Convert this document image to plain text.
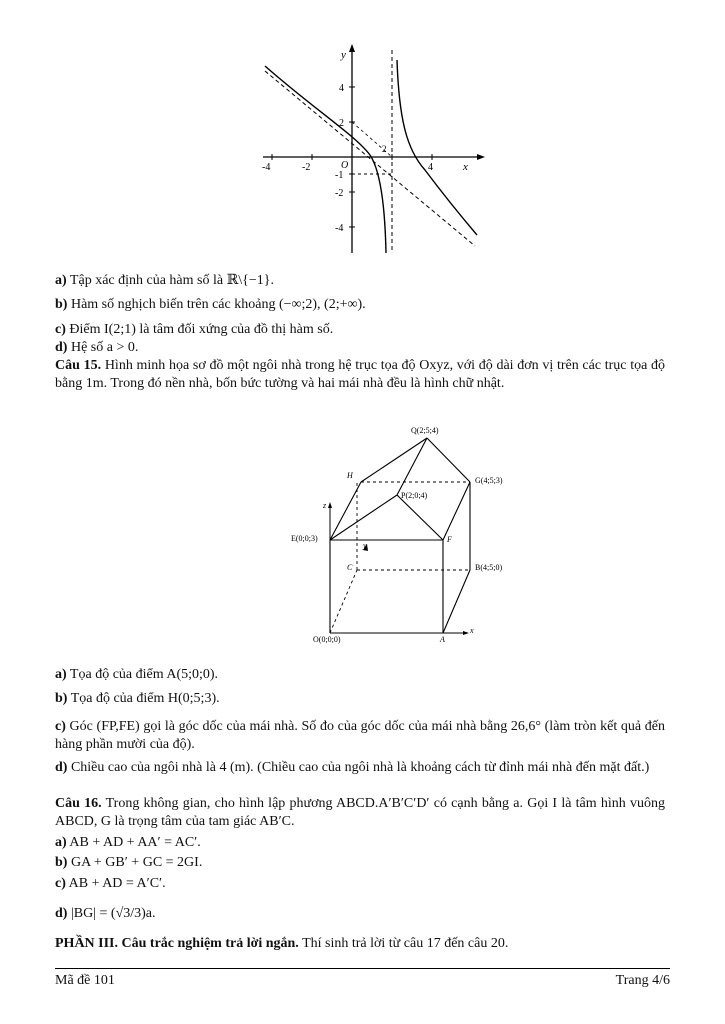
y
x
4
2
-1
-2
-4
-4	-2	4
O
2
a) Tập xác định của hàm số là ℝ\{−1}.
b) Hàm số nghịch biến trên các khoảng (−∞;2), (2;+∞).
c) Điểm I(2;1) là tâm đối xứng của đồ thị hàm số.
d) Hệ số a > 0.
Câu 15. Hình minh họa sơ đồ một ngôi nhà trong hệ trục tọa độ Oxyz, với độ dài đơn vị trên các trục tọa độ bằng 1m. Trong đó nền nhà, bốn bức tường và hai mái nhà đều là hình chữ nhật.
Q(2;5;4)
H
G(4;5;3)
P(2;0;4)
E(0;0;3)	F
C	B(4;5;0)
O(0;0;0)	A
z
y
x
a) Tọa độ của điểm A(5;0;0).
b) Tọa độ của điểm H(0;5;3).
c) Góc (FP,FE) gọi là góc dốc của mái nhà. Số đo của góc dốc của mái nhà bằng 26,6° (làm tròn kết quả đến hàng phần mười của độ).
d) Chiều cao của ngôi nhà là 4 (m). (Chiều cao của ngôi nhà là khoảng cách từ đỉnh mái nhà đến mặt đất.)
Câu 16. Trong không gian, cho hình lập phương ABCD.A′B′C′D′ có cạnh bằng a. Gọi I là tâm hình vuông ABCD, G là trọng tâm của tam giác AB′C.
a) AB + AD + AA′ = AC′.
b) GA + GB′ + GC = 2GI.
c) AB + AD = A′C′.
d) |BG| = (√3/3)a.
PHẦN III. Câu trắc nghiệm trả lời ngắn. Thí sinh trả lời từ câu 17 đến câu 20.
Mã đề 101	Trang 4/6
